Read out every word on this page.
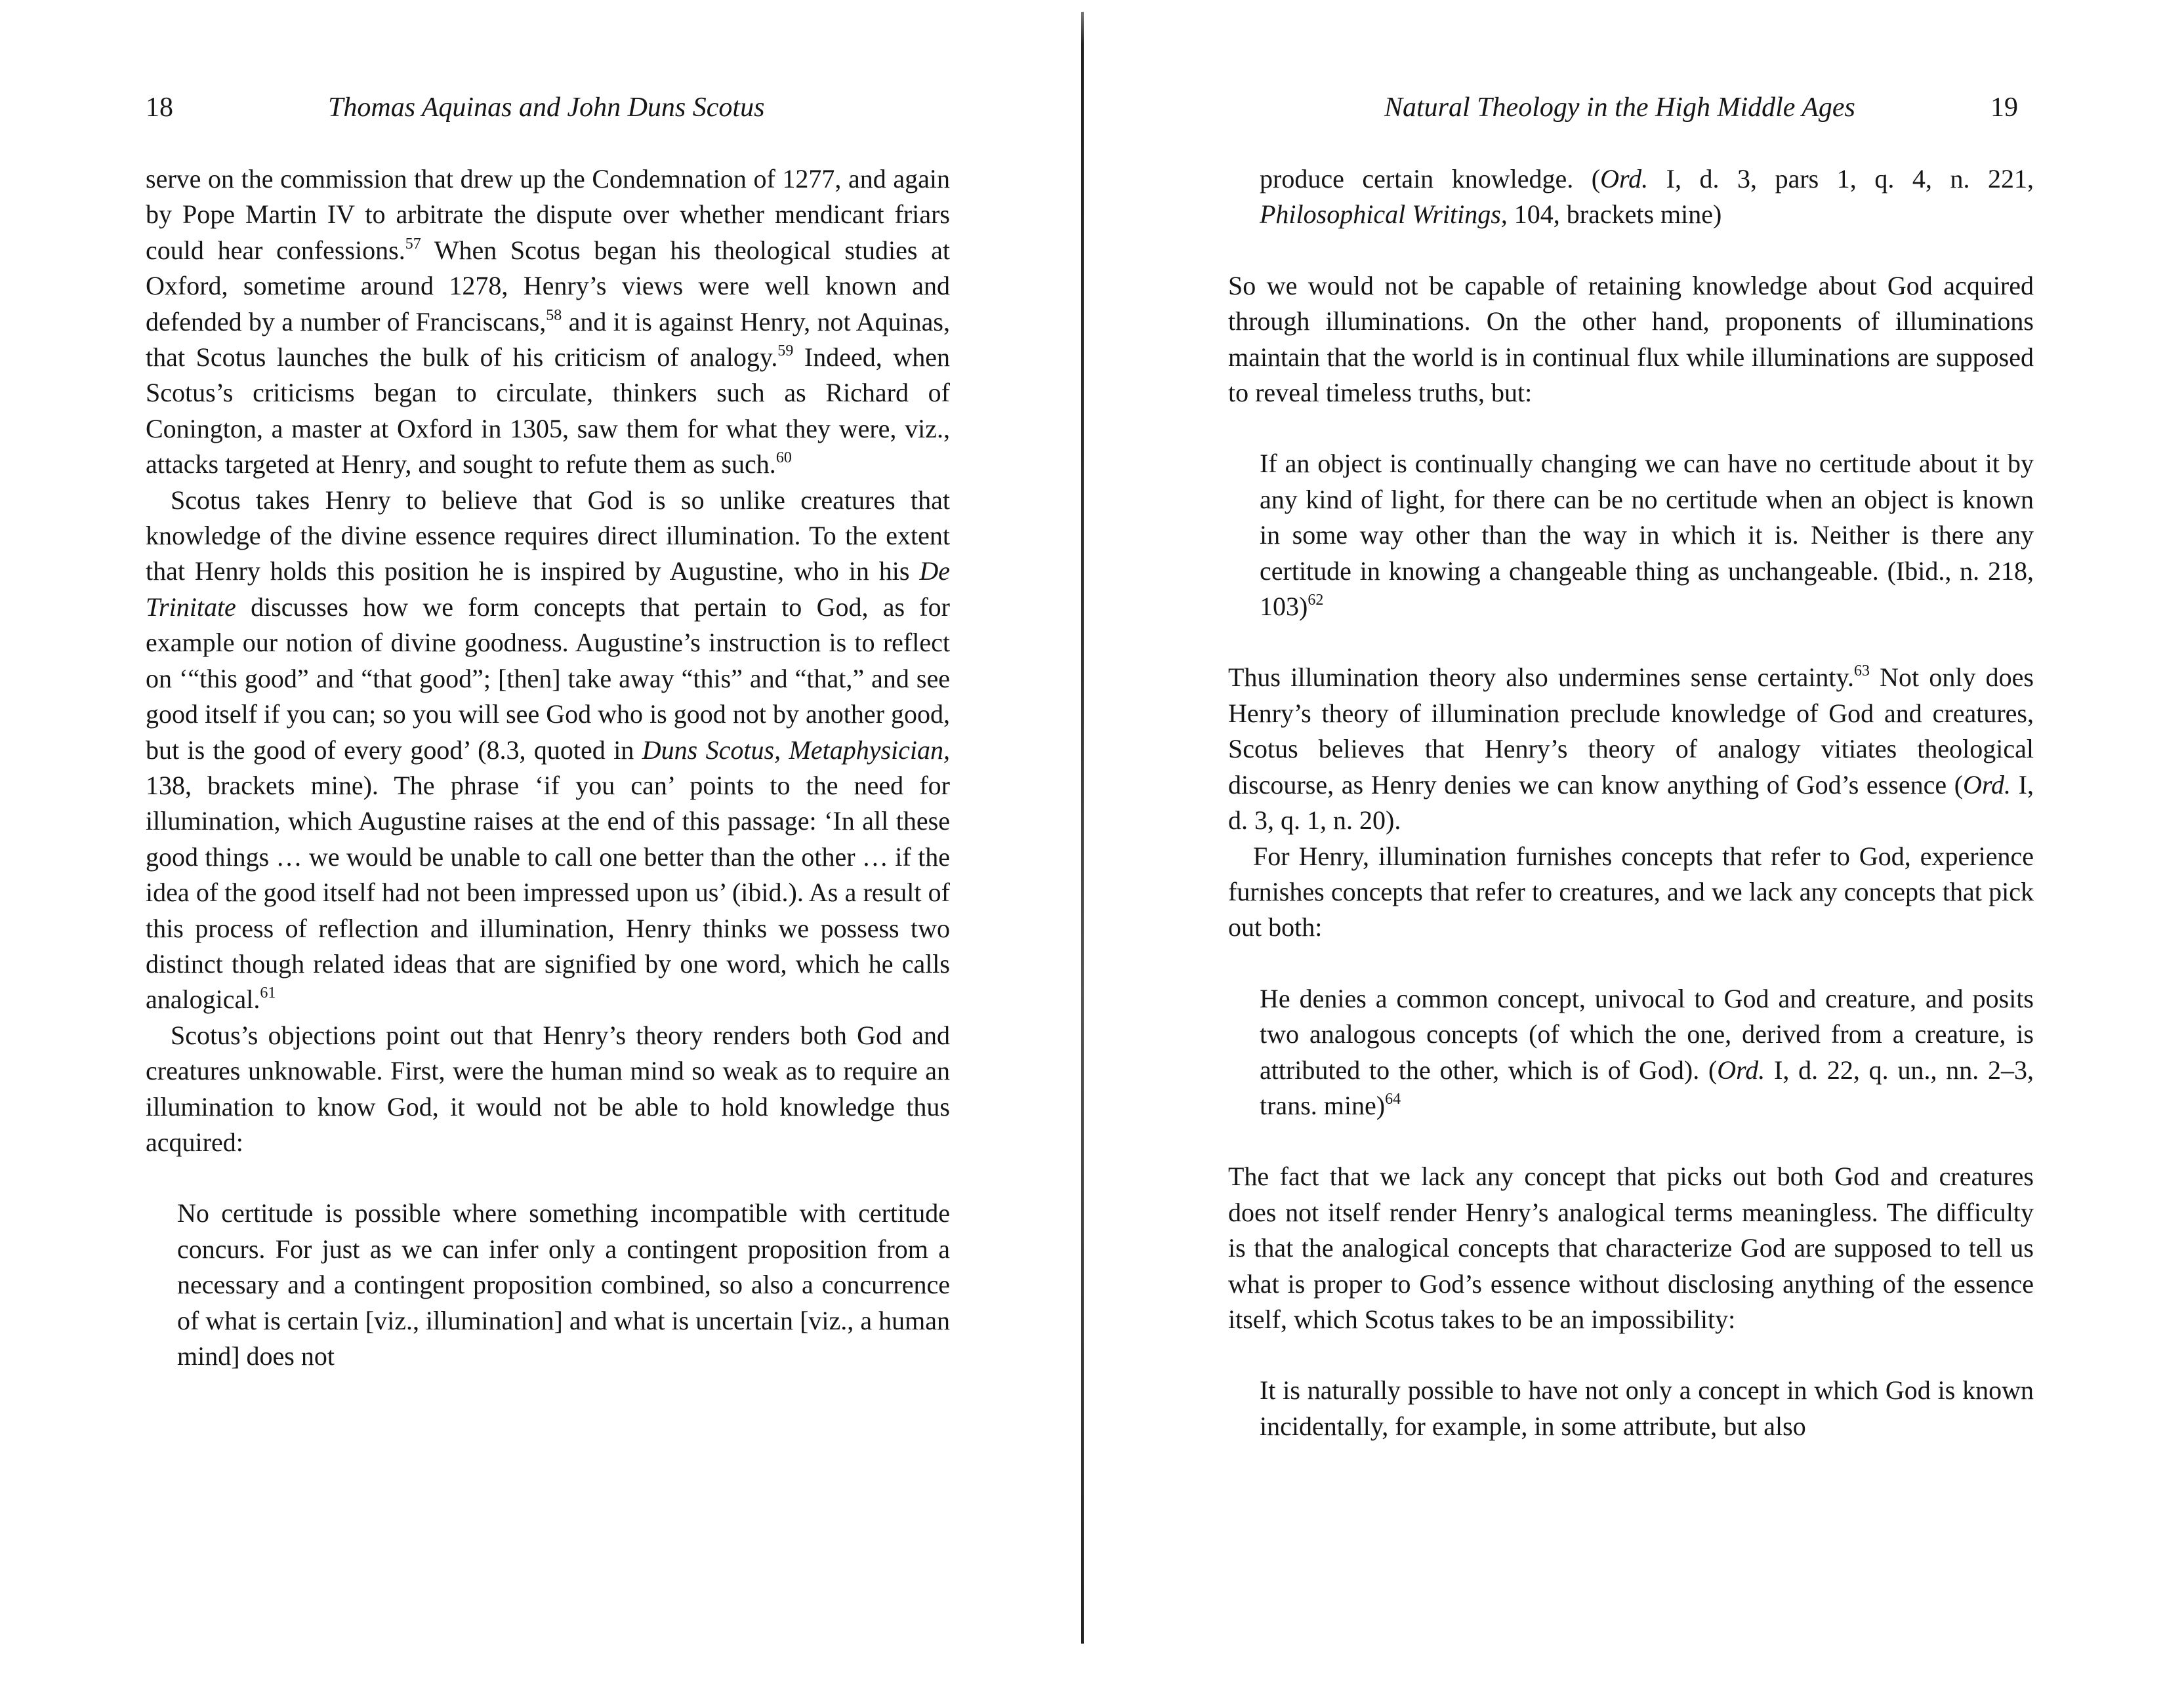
18	Thomas Aquinas and John Duns Scotus

serve on the commission that drew up the Condemnation of 1277, and again by Pope Martin IV to arbitrate the dispute over whether mendicant friars could hear confessions.$^{57}$ When Scotus began his theological studies at Oxford, sometime around 1278, Henry’s views were well known and defended by a number of Franciscans,$^{58}$ and it is against Henry, not Aquinas, that Scotus launches the bulk of his criticism of analogy.$^{59}$ Indeed, when Scotus’s criticisms began to circulate, thinkers such as Richard of Conington, a master at Oxford in 1305, saw them for what they were, viz., attacks targeted at Henry, and sought to refute them as such.$^{60}$

Scotus takes Henry to believe that God is so unlike creatures that knowledge of the divine essence requires direct illumination. To the extent that Henry holds this position he is inspired by Augustine, who in his De Trinitate discusses how we form concepts that pertain to God, as for example our notion of divine goodness. Augustine’s instruction is to reflect on ‘“this good” and “that good”; [then] take away “this” and “that,” and see good itself if you can; so you will see God who is good not by another good, but is the good of every good’ (8.3, quoted in Duns Scotus, Metaphysician, 138, brackets mine). The phrase ‘if you can’ points to the need for illumination, which Augustine raises at the end of this passage: ‘In all these good things … we would be unable to call one better than the other … if the idea of the good itself had not been impressed upon us’ (ibid.). As a result of this process of reflection and illumination, Henry thinks we possess two distinct though related ideas that are signified by one word, which he calls analogical.$^{61}$

Scotus’s objections point out that Henry’s theory renders both God and creatures unknowable. First, were the human mind so weak as to require an illumination to know God, it would not be able to hold knowledge thus acquired:

No certitude is possible where something incompatible with certitude concurs. For just as we can infer only a contingent proposition from a necessary and a contingent proposition combined, so also a concurrence of what is certain [viz., illumination] and what is uncertain [viz., a human mind] does not

Natural Theology in the High Middle Ages	19

produce certain knowledge. (Ord. I, d. 3, pars 1, q. 4, n. 221, Philosophical Writings, 104, brackets mine)

So we would not be capable of retaining knowledge about God acquired through illuminations. On the other hand, proponents of illuminations maintain that the world is in continual flux while illuminations are supposed to reveal timeless truths, but:

If an object is continually changing we can have no certitude about it by any kind of light, for there can be no certitude when an object is known in some way other than the way in which it is. Neither is there any certitude in knowing a changeable thing as unchangeable. (Ibid., n. 218, 103)$^{62}$

Thus illumination theory also undermines sense certainty.$^{63}$ Not only does Henry’s theory of illumination preclude knowledge of God and creatures, Scotus believes that Henry’s theory of analogy vitiates theological discourse, as Henry denies we can know anything of God’s essence (Ord. I, d. 3, q. 1, n. 20).

For Henry, illumination furnishes concepts that refer to God, experience furnishes concepts that refer to creatures, and we lack any concepts that pick out both:

He denies a common concept, univocal to God and creature, and posits two analogous concepts (of which the one, derived from a creature, is attributed to the other, which is of God). (Ord. I, d. 22, q. un., nn. 2–3, trans. mine)$^{64}$

The fact that we lack any concept that picks out both God and creatures does not itself render Henry’s analogical terms meaningless. The difficulty is that the analogical concepts that characterize God are supposed to tell us what is proper to God’s essence without disclosing anything of the essence itself, which Scotus takes to be an impossibility:

It is naturally possible to have not only a concept in which God is known incidentally, for example, in some attribute, but also
